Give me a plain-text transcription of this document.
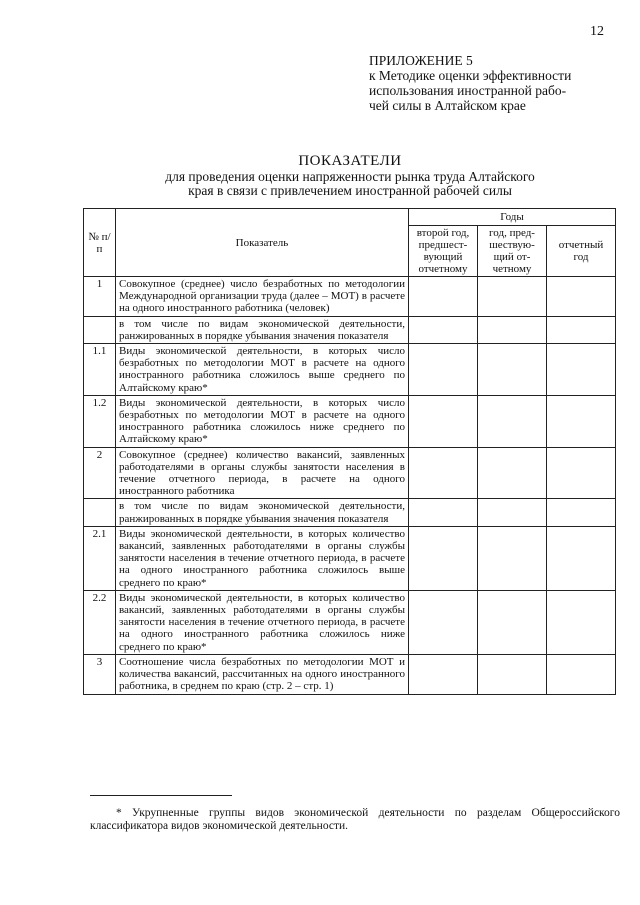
12
ПРИЛОЖЕНИЕ 5
к Методике оценки эффективности
использования иностранной рабо-
чей силы в Алтайском крае
ПОКАЗАТЕЛИ
для проведения оценки напряженности рынка труда Алтайского
края в связи с привлечением иностранной рабочей силы
№ п/п	Показатель	Годы		
		второй год, предшест-вующий отчетному	год, пред-шествую-щий от-четному	отчетный год
1	Совокупное (среднее) число безработных по методологии Международной организации труда (далее – МОТ) в расчете на одного иностранного работника (человек)			
	в том числе по видам экономической деятельности, ранжированных в порядке убывания значения показателя			
1.1	Виды экономической деятельности, в которых число безработных по методологии МОТ в расчете на одного иностранного работника сложилось выше среднего по Алтайскому краю*			
1.2	Виды экономической деятельности, в которых число безработных по методологии МОТ в расчете на одного иностранного работника сложилось ниже среднего по Алтайскому краю*			
2	Совокупное (среднее) количество вакансий, заявленных работодателями в органы службы занятости населения в течение отчетного периода, в расчете на одного иностранного работника			
	в том числе по видам экономической деятельности, ранжированных в порядке убывания значения показателя			
2.1	Виды экономической деятельности, в которых количество вакансий, заявленных работодателями в органы службы занятости населения в течение отчетного периода, в расчете на одного иностранного работника сложилось выше среднего по краю*			
2.2	Виды экономической деятельности, в которых количество вакансий, заявленных работодателями в органы службы занятости населения в течение отчетного периода, в расчете на одного иностранного работника сложилось ниже среднего по краю*			
3	Соотношение числа безработных по методологии МОТ и количества вакансий, рассчитанных на одного иностранного работника, в среднем по краю (стр. 2 – стр. 1)			
* Укрупненные группы видов экономической деятельности по разделам Общероссийского классификатора видов экономической деятельности.
